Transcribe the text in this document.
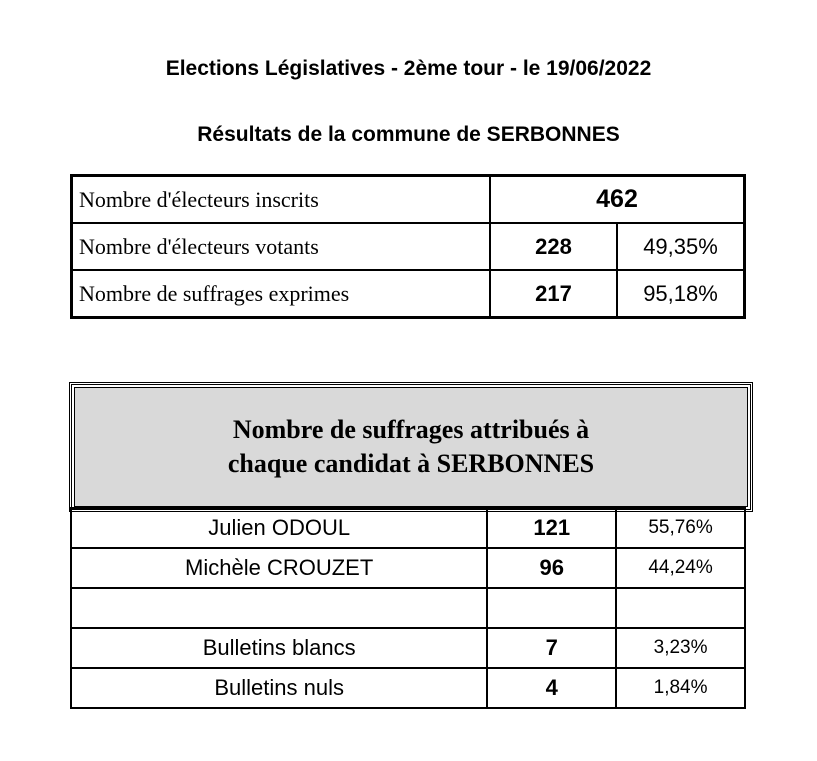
Elections Législatives - 2ème tour - le 19/06/2022
Résultats de la commune de SERBONNES
Nombre d'électeurs inscrits	462	
Nombre d'électeurs votants	228	49,35%
Nombre de suffrages exprimes	217	95,18%
Nombre de suffrages attribués à
chaque candidat à SERBONNES
Julien ODOUL	121	55,76%
Michèle CROUZET	96	44,24%

Bulletins blancs	7	3,23%
Bulletins nuls	4	1,84%
